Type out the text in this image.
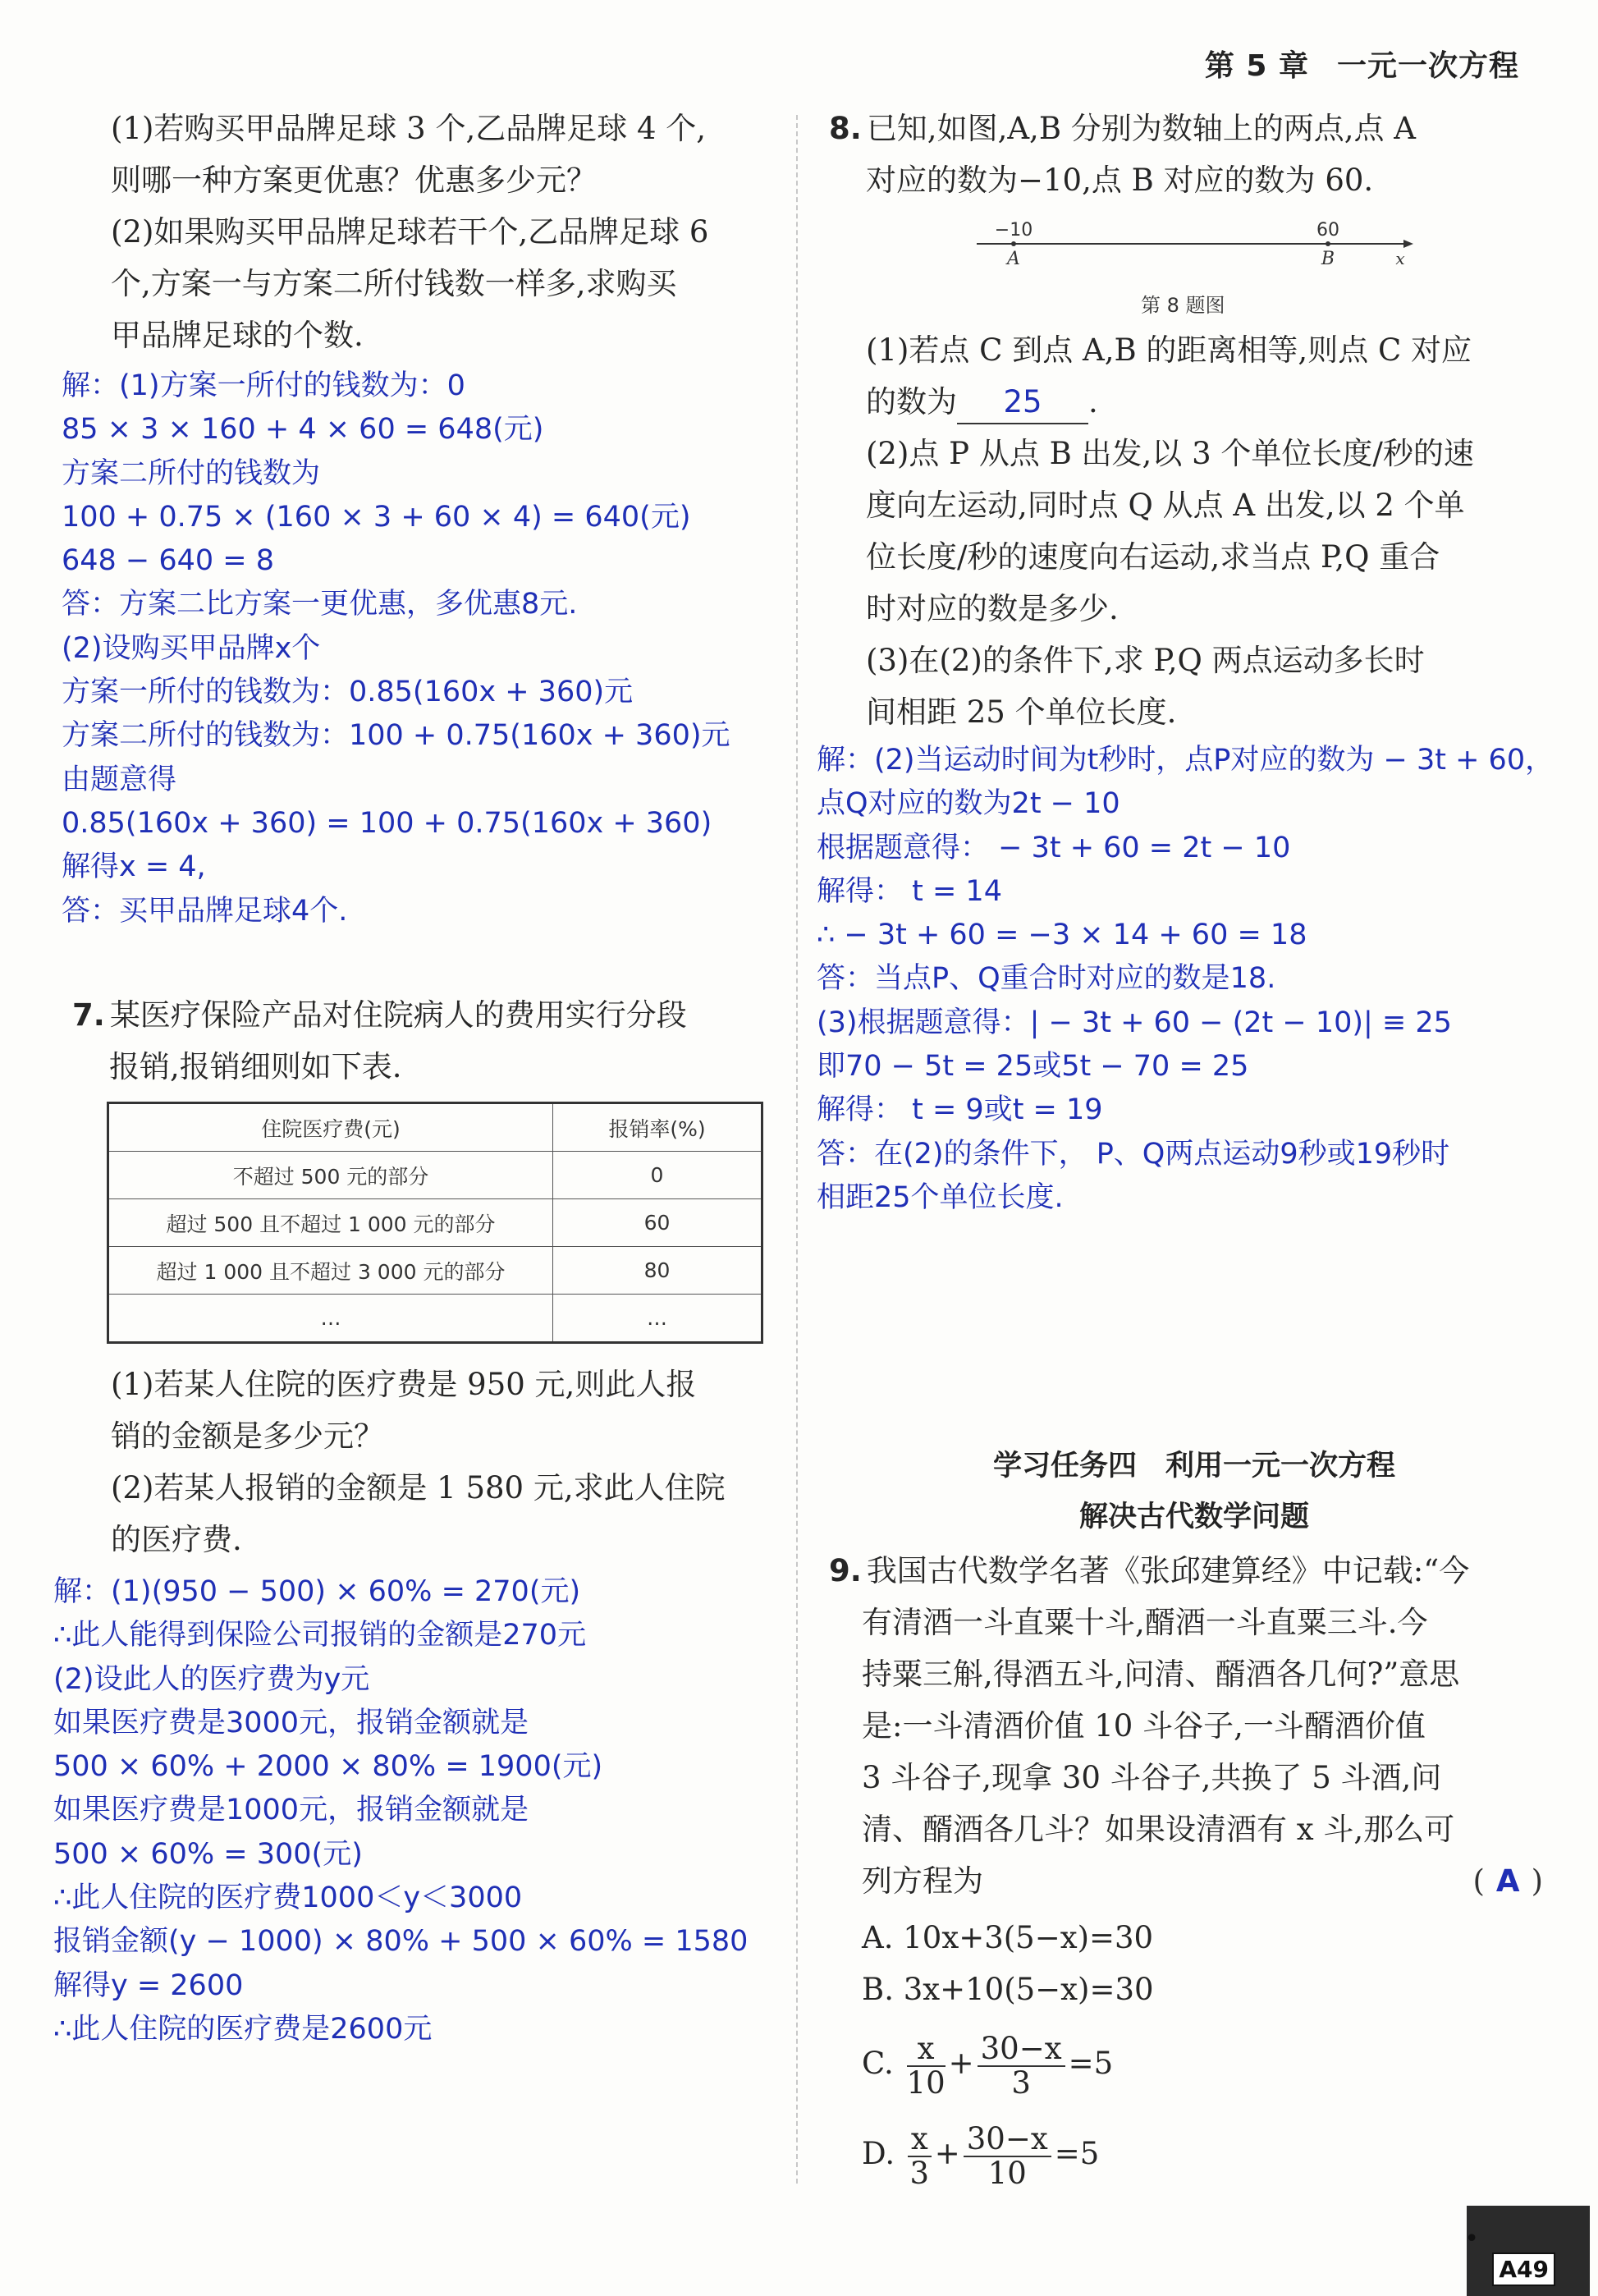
第 5 章 一元一次方程

(1)若购买甲品牌足球 3 个,乙品牌足球 4 个,

则哪一种方案更优惠？优惠多少元？

(2)如果购买甲品牌足球若干个,乙品牌足球 6

个,方案一与方案二所付钱数一样多,求购买

甲品牌足球的个数.

解：(1)方案一所付的钱数为：0

85 × 3 × 160 + 4 × 60 = 648(元)

方案二所付的钱数为

100 + 0.75 × (160 × 3 + 60 × 4) = 640(元)

648 − 640 = 8

答：方案二比方案一更优惠，多优惠8元.

(2)设购买甲品牌x个

方案一所付的钱数为：0.85(160x + 360)元

方案二所付的钱数为：100 + 0.75(160x + 360)元

由题意得

0.85(160x + 360) = 100 + 0.75(160x + 360)

解得x = 4,

答：买甲品牌足球4个.

7. 某医疗保险产品对住院病人的费用实行分段

报销,报销细则如下表.

住院医疗费(元)	报销率(%)
不超过 500 元的部分	0
超过 500 且不超过 1 000 元的部分	60
超过 1 000 且不超过 3 000 元的部分	80
…	…

(1)若某人住院的医疗费是 950 元,则此人报

销的金额是多少元？

(2)若某人报销的金额是 1 580 元,求此人住院

的医疗费.

解：(1)(950 − 500) × 60% = 270(元)

∴此人能得到保险公司报销的金额是270元

(2)设此人的医疗费为y元

如果医疗费是3000元，报销金额就是

500 × 60% + 2000 × 80% = 1900(元)

如果医疗费是1000元，报销金额就是

500 × 60% = 300(元)

∴此人住院的医疗费1000＜y＜3000

报销金额(y − 1000) × 80% + 500 × 60% = 1580

解得y = 2600

∴此人住院的医疗费是2600元

8. 已知,如图,A,B 分别为数轴上的两点,点 A

对应的数为−10,点 B 对应的数为 60.

−10
A
60
B	x
第 8 题图

(1)若点 C 到点 A,B 的距离相等,则点 C 对应

的数为 25 .

(2)点 P 从点 B 出发,以 3 个单位长度/秒的速

度向左运动,同时点 Q 从点 A 出发,以 2 个单

位长度/秒的速度向右运动,求当点 P,Q 重合

时对应的数是多少.

(3)在(2)的条件下,求 P,Q 两点运动多长时

间相距 25 个单位长度.

解：(2)当运动时间为t秒时，点P对应的数为 − 3t + 60，

点Q对应的数为2t − 10

根据题意得： − 3t + 60 = 2t − 10

解得： t = 14

∴ − 3t + 60 = −3 × 14 + 60 = 18

答：当点P、Q重合时对应的数是18.

(3)根据题意得：| − 3t + 60 − (2t − 10)| ≡ 25

即70 − 5t = 25或5t − 70 = 25

解得： t = 9或t = 19

答：在(2)的条件下， P、Q两点运动9秒或19秒时

相距25个单位长度.

学习任务四　利用一元一次方程
解决古代数学问题

9. 我国古代数学名著《张邱建算经》中记载:“今

有清酒一斗直粟十斗,醑酒一斗直粟三斗.今

持粟三斛,得酒五斗,问清、醑酒各几何?”意思

是:一斗清酒价值 10 斗谷子,一斗醑酒价值

3 斗谷子,现拿 30 斗谷子,共换了 5 斗酒,问

清、醑酒各几斗？如果设清酒有 x 斗,那么可

列方程为	( A )

A. 10x+3(5−x)=30

B. 3x+10(5−x)=30

C. $\frac{x}{10} + \frac{30-x}{3} =5$
D. $\frac{x}{3} + \frac{30-x}{10} =5$
•
A49
